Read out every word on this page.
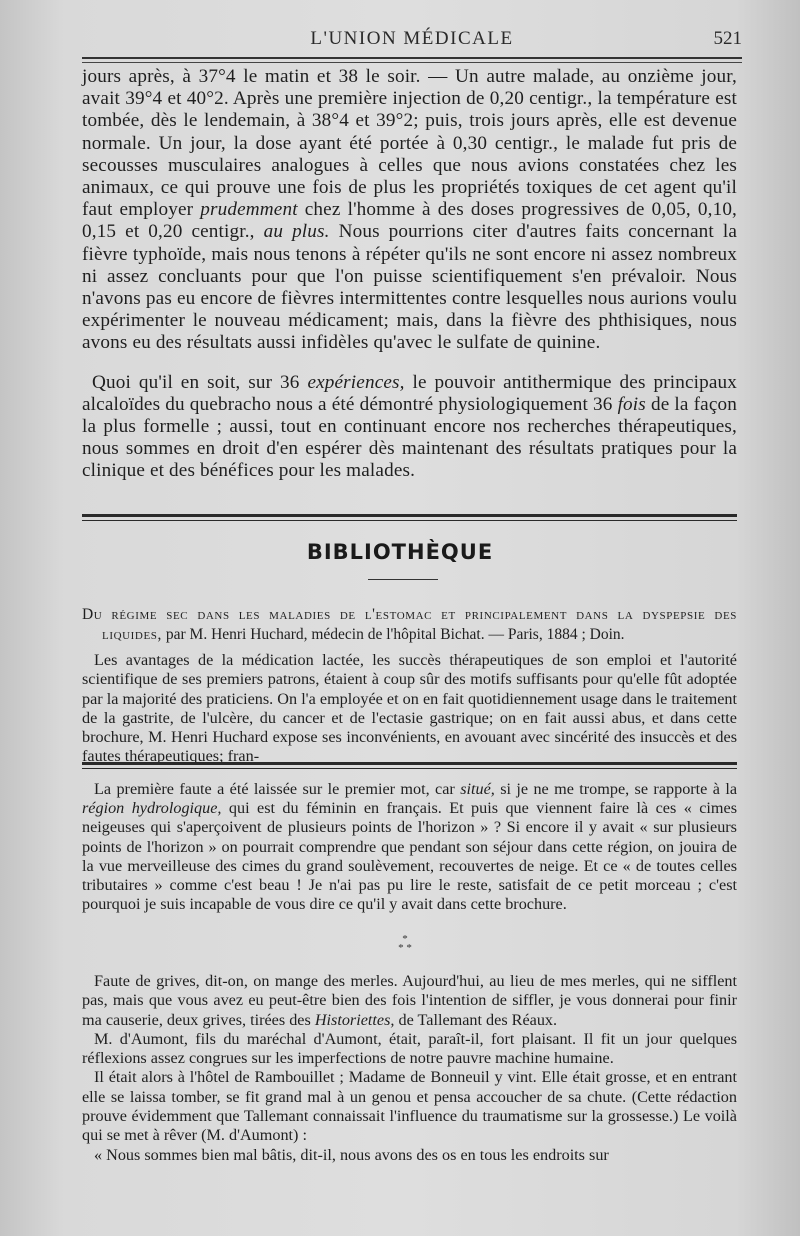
L'UNION MÉDICALE	521

jours après, à 37°4 le matin et 38 le soir. — Un autre malade, au onzième jour, avait 39°4 et 40°2. Après une première injection de 0,20 centigr., la température est tombée, dès le lendemain, à 38°4 et 39°2; puis, trois jours après, elle est devenue normale. Un jour, la dose ayant été portée à 0,30 centigr., le malade fut pris de secousses musculaires analogues à celles que nous avions constatées chez les animaux, ce qui prouve une fois de plus les propriétés toxiques de cet agent qu'il faut employer prudemment chez l'homme à des doses progressives de 0,05, 0,10, 0,15 et 0,20 centigr., au plus. Nous pourrions citer d'autres faits concernant la fièvre typhoïde, mais nous tenons à répéter qu'ils ne sont encore ni assez nombreux ni assez concluants pour que l'on puisse scientifiquement s'en prévaloir. Nous n'avons pas eu encore de fièvres intermittentes contre lesquelles nous aurions voulu expérimenter le nouveau médicament; mais, dans la fièvre des phthisiques, nous avons eu des résultats aussi infidèles qu'avec le sulfate de quinine.

Quoi qu'il en soit, sur 36 expériences, le pouvoir antithermique des principaux alcaloïdes du quebracho nous a été démontré physiologiquement 36 fois de la façon la plus formelle ; aussi, tout en continuant encore nos recherches thérapeutiques, nous sommes en droit d'en espérer dès maintenant des résultats pratiques pour la clinique et des bénéfices pour les malades.

BIBLIOTHÈQUE

Du régime sec dans les maladies de l'estomac et principalement dans la dyspepsie des liquides, par M. Henri Huchard, médecin de l'hôpital Bichat. — Paris, 1884 ; Doin.

Les avantages de la médication lactée, les succès thérapeutiques de son emploi et l'autorité scientifique de ses premiers patrons, étaient à coup sûr des motifs suffisants pour qu'elle fût adoptée par la majorité des praticiens. On l'a employée et on en fait quotidiennement usage dans le traitement de la gastrite, de l'ulcère, du cancer et de l'ectasie gastrique; on en fait aussi abus, et dans cette brochure, M. Henri Huchard expose ses inconvénients, en avouant avec sincérité des insuccès et des fautes thérapeutiques; fran-

La première faute a été laissée sur le premier mot, car situé, si je ne me trompe, se rapporte à la région hydrologique, qui est du féminin en français. Et puis que viennent faire là ces « cimes neigeuses qui s'aperçoivent de plusieurs points de l'horizon » ? Si encore il y avait « sur plusieurs points de l'horizon » on pourrait comprendre que pendant son séjour dans cette région, on jouira de la vue merveilleuse des cimes du grand soulèvement, recouvertes de neige. Et ce « de toutes celles tributaires » comme c'est beau ! Je n'ai pas pu lire le reste, satisfait de ce petit morceau ; c'est pourquoi je suis incapable de vous dire ce qu'il y avait dans cette brochure.

*
* *

Faute de grives, dit-on, on mange des merles. Aujourd'hui, au lieu de mes merles, qui ne sifflent pas, mais que vous avez eu peut-être bien des fois l'intention de siffler, je vous donnerai pour finir ma causerie, deux grives, tirées des Historiettes, de Tallemant des Réaux.

M. d'Aumont, fils du maréchal d'Aumont, était, paraît-il, fort plaisant. Il fit un jour quelques réflexions assez congrues sur les imperfections de notre pauvre machine humaine.

Il était alors à l'hôtel de Rambouillet ; Madame de Bonneuil y vint. Elle était grosse, et en entrant elle se laissa tomber, se fit grand mal à un genou et pensa accoucher de sa chute. (Cette rédaction prouve évidemment que Tallemant connaissait l'influence du traumatisme sur la grossesse.) Le voilà qui se met à rêver (M. d'Aumont) :

« Nous sommes bien mal bâtis, dit-il, nous avons des os en tous les endroits sur
